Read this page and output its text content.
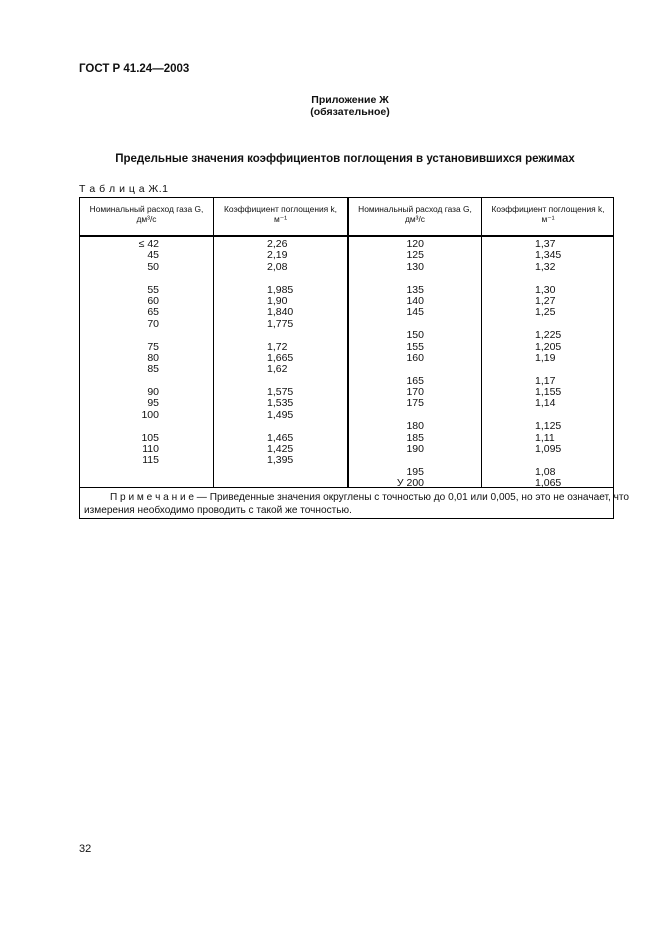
ГОСТ Р 41.24—2003
Приложение Ж
(обязательное)
Предельные значения коэффициентов поглощения в установившихся режимах
Т а б л и ц а Ж.1
Номинальный расход газа G,
дм³/с
Коэффициент поглощения k,
м⁻¹
Номинальный расход газа G,
дм³/с
Коэффициент поглощения k,
м⁻¹
≤ 42
45
50
55
60
65
70
75
80
85
90
95
100
105
110
115
2,26
2,19
2,08
1,985
1,90
1,840
1,775
1,72
1,665
1,62
1,575
1,535
1,495
1,465
1,425
1,395
120
125
130
135
140
145
150
155
160
165
170
175
180
185
190
195
У 200
1,37
1,345
1,32
1,30
1,27
1,25
1,225
1,205
1,19
1,17
1,155
1,14
1,125
1,11
1,095
1,08
1,065
П р и м е ч а н и е — Приведенные значения округлены с точностью до 0,01 или 0,005, но это не означает, что
измерения необходимо проводить с такой же точностью.
32
